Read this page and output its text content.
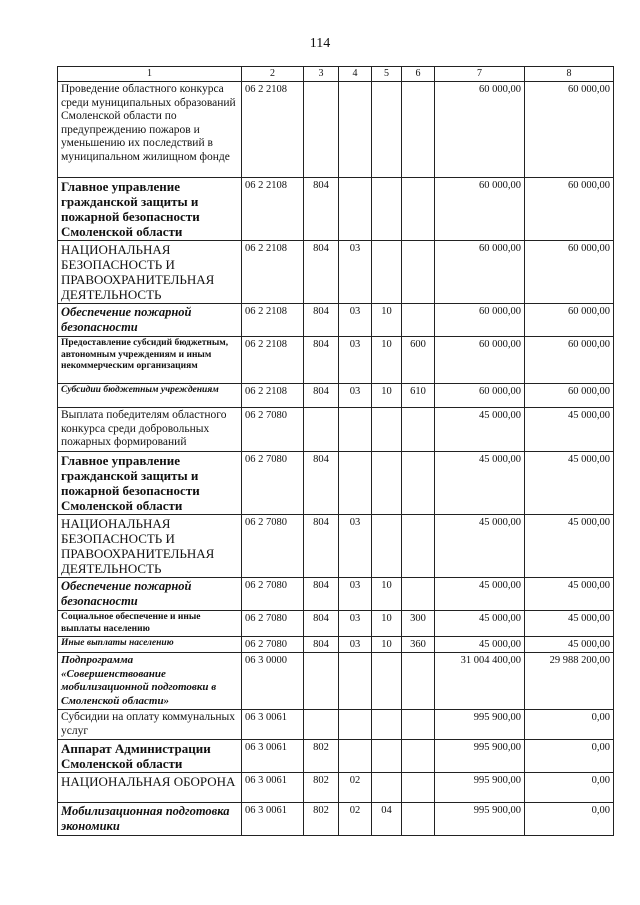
114
1	2	3	4	5	6	7	8
Проведение областного конкурса среди муниципальных образований Смоленской области по предупреждению пожаров и уменьшению их последствий в муниципальном жилищном фонде	06 2 2108					60 000,00	60 000,00
Главное управление гражданской защиты и пожарной безопасности Смоленской области	06 2 2108	804				60 000,00	60 000,00
НАЦИОНАЛЬНАЯ БЕЗОПАСНОСТЬ И ПРАВООХРАНИТЕЛЬНАЯ ДЕЯТЕЛЬНОСТЬ	06 2 2108	804	03			60 000,00	60 000,00
Обеспечение пожарной безопасности	06 2 2108	804	03	10		60 000,00	60 000,00
Предоставление субсидий бюджетным, автономным учреждениям и иным некоммерческим организациям	06 2 2108	804	03	10	600	60 000,00	60 000,00
Субсидии бюджетным учреждениям	06 2 2108	804	03	10	610	60 000,00	60 000,00
Выплата победителям областного конкурса среди добровольных пожарных формирований	06 2 7080					45 000,00	45 000,00
Главное управление гражданской защиты и пожарной безопасности Смоленской области	06 2 7080	804				45 000,00	45 000,00
НАЦИОНАЛЬНАЯ БЕЗОПАСНОСТЬ И ПРАВООХРАНИТЕЛЬНАЯ ДЕЯТЕЛЬНОСТЬ	06 2 7080	804	03			45 000,00	45 000,00
Обеспечение пожарной безопасности	06 2 7080	804	03	10		45 000,00	45 000,00
Социальное обеспечение и иные выплаты населению	06 2 7080	804	03	10	300	45 000,00	45 000,00
Иные выплаты населению	06 2 7080	804	03	10	360	45 000,00	45 000,00
Подпрограмма «Совершенствование мобилизационной подготовки в Смоленской области»	06 3 0000					31 004 400,00	29 988 200,00
Субсидии на оплату коммунальных услуг	06 3 0061					995 900,00	0,00
Аппарат Администрации Смоленской области	06 3 0061	802				995 900,00	0,00
НАЦИОНАЛЬНАЯ ОБОРОНА	06 3 0061	802	02			995 900,00	0,00
Мобилизационная подготовка экономики	06 3 0061	802	02	04		995 900,00	0,00
